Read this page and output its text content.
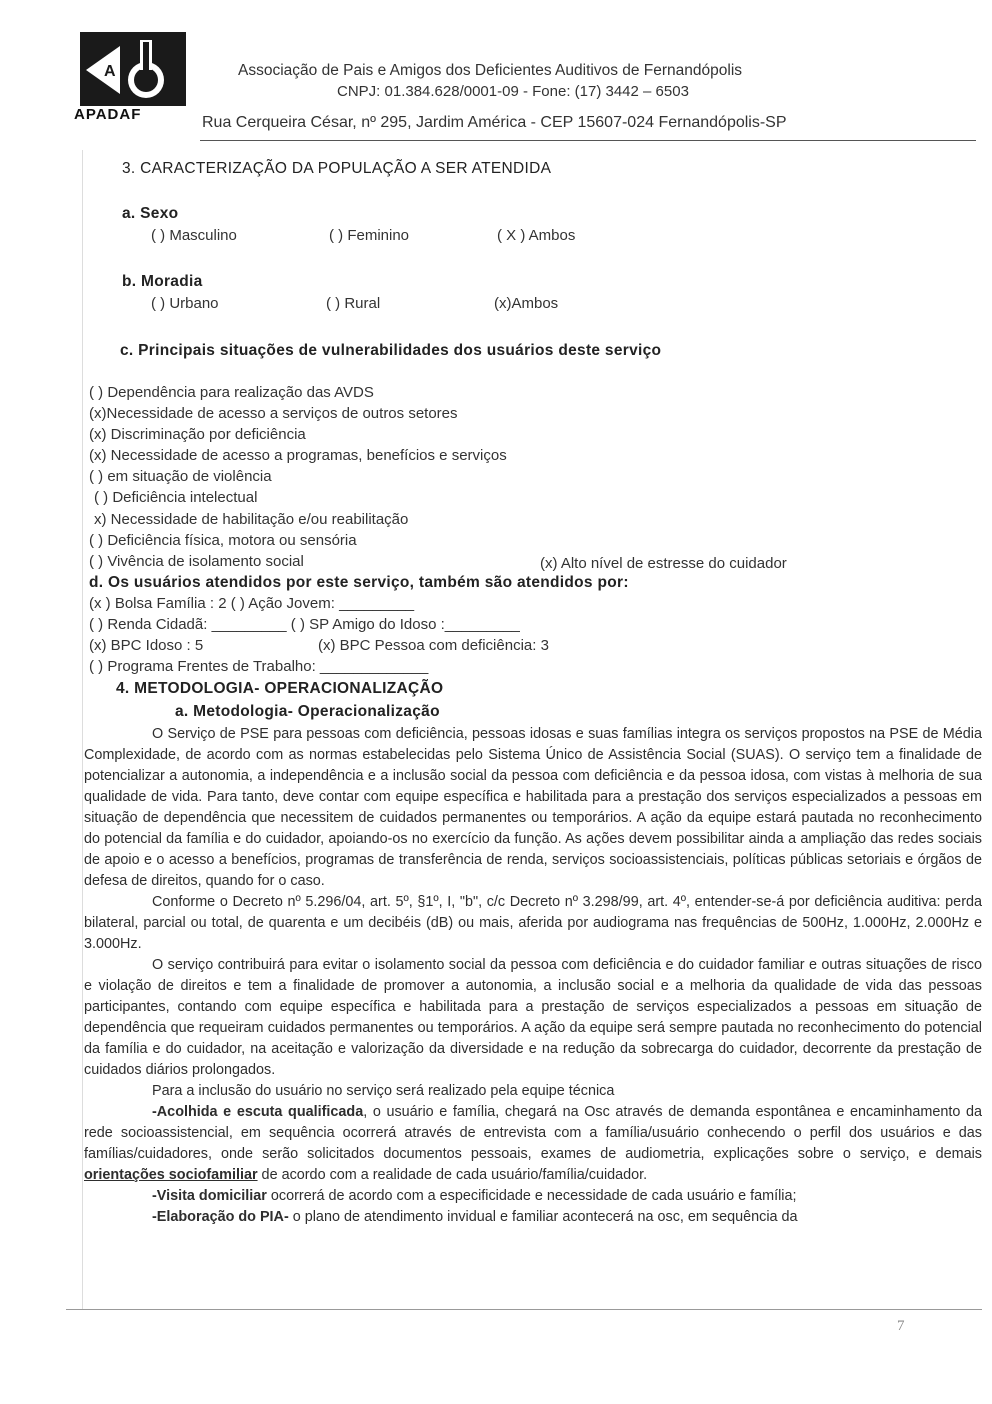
A
APADAF
Associação de Pais e Amigos dos Deficientes Auditivos de Fernandópolis
CNPJ: 01.384.628/0001-09 - Fone: (17) 3442 – 6503
Rua Cerqueira César, nº 295, Jardim América - CEP 15607-024 Fernandópolis-SP
3. CARACTERIZAÇÃO DA POPULAÇÃO A SER ATENDIDA
a. Sexo
( ) Masculino	( ) Feminino	( X ) Ambos
b. Moradia
( ) Urbano	( ) Rural	(x)Ambos
c. Principais situações de vulnerabilidades dos usuários deste serviço
( ) Dependência para realização das AVDS
(x)Necessidade de acesso a serviços de outros setores
(x) Discriminação por deficiência
(x) Necessidade de acesso a programas, benefícios e serviços
( ) em situação de violência
( ) Deficiência intelectual
x) Necessidade de habilitação e/ou reabilitação
( ) Deficiência física, motora ou sensória
( ) Vivência de isolamento social	(x) Alto nível de estresse do cuidador
d. Os usuários atendidos por este serviço, também são atendidos por:
(x ) Bolsa Família : 2 ( ) Ação Jovem: _________
( ) Renda Cidadã: _________ ( ) SP Amigo do Idoso :_________
(x) BPC Idoso : 5	(x) BPC Pessoa com deficiência: 3
( ) Programa Frentes de Trabalho: _____________
4. METODOLOGIA- OPERACIONALIZAÇÃO
a. Metodologia- Operacionalização

O Serviço de PSE para pessoas com deficiência, pessoas idosas e suas famílias integra os serviços propostos na PSE de Média Complexidade, de acordo com as normas estabelecidas pelo Sistema Único de Assistência Social (SUAS). O serviço tem a finalidade de potencializar a autonomia, a independência e a inclusão social da pessoa com deficiência e da pessoa idosa, com vistas à melhoria de sua qualidade de vida. Para tanto, deve contar com equipe específica e habilitada para a prestação dos serviços especializados a pessoas em situação de dependência que necessitem de cuidados permanentes ou temporários. A ação da equipe estará pautada no reconhecimento do potencial da família e do cuidador, apoiando-os no exercício da função. As ações devem possibilitar ainda a ampliação das redes sociais de apoio e o acesso a benefícios, programas de transferência de renda, serviços socioassistenciais, políticas públicas setoriais e órgãos de defesa de direitos, quando for o caso.

Conforme o Decreto nº 5.296/04, art. 5º, §1º, I, "b", c/c Decreto nº 3.298/99, art. 4º, entender-se-á por deficiência auditiva: perda bilateral, parcial ou total, de quarenta e um decibéis (dB) ou mais, aferida por audiograma nas frequências de 500Hz, 1.000Hz, 2.000Hz e 3.000Hz.

O serviço contribuirá para evitar o isolamento social da pessoa com deficiência e do cuidador familiar e outras situações de risco e violação de direitos e tem a finalidade de promover a autonomia, a inclusão social e a melhoria da qualidade de vida das pessoas participantes, contando com equipe específica e habilitada para a prestação de serviços especializados a pessoas em situação de dependência que requeiram cuidados permanentes ou temporários. A ação da equipe será sempre pautada no reconhecimento do potencial da família e do cuidador, na aceitação e valorização da diversidade e na redução da sobrecarga do cuidador, decorrente da prestação de cuidados diários prolongados.

Para a inclusão do usuário no serviço será realizado pela equipe técnica

-Acolhida e escuta qualificada, o usuário e família, chegará na Osc através de demanda espontânea e encaminhamento da rede socioassistencial, em sequência ocorrerá através de entrevista com a família/usuário conhecendo o perfil dos usuários e das famílias/cuidadores, onde serão solicitados documentos pessoais, exames de audiometria, explicações sobre o serviço, e demais orientações sociofamiliar de acordo com a realidade de cada usuário/família/cuidador.

-Visita domiciliar ocorrerá de acordo com a especificidade e necessidade de cada usuário e família;

-Elaboração do PIA- o plano de atendimento invidual e familiar acontecerá na osc, em sequência da

7
